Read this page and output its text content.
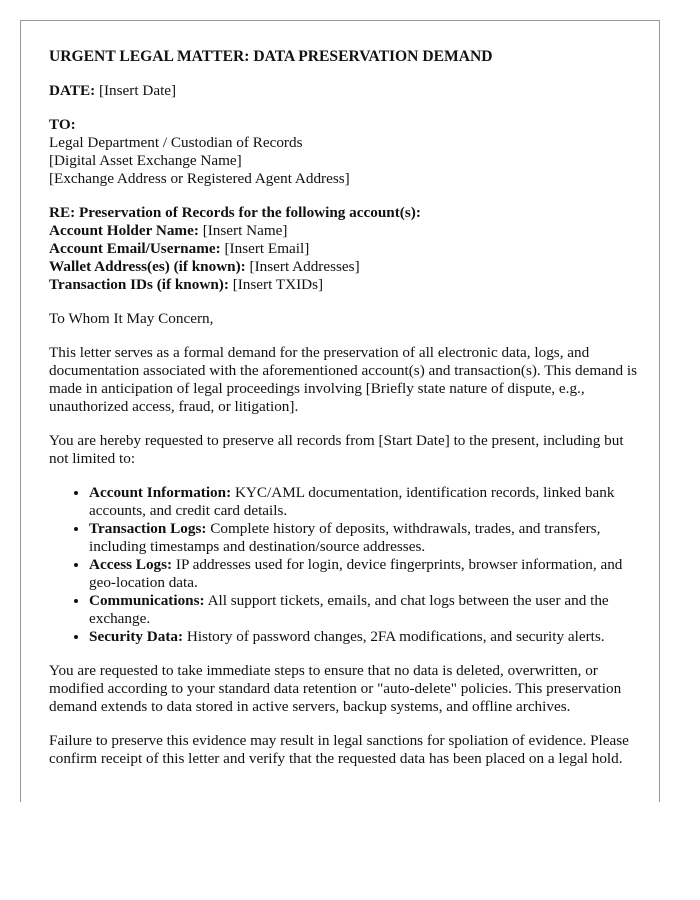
URGENT LEGAL MATTER: DATA PRESERVATION DEMAND

DATE: [Insert Date]

TO:

Legal Department / Custodian of Records

[Digital Asset Exchange Name]

[Exchange Address or Registered Agent Address]

RE: Preservation of Records for the following account(s):

Account Holder Name: [Insert Name]

Account Email/Username: [Insert Email]

Wallet Address(es) (if known): [Insert Addresses]

Transaction IDs (if known): [Insert TXIDs]

To Whom It May Concern,

This letter serves as a formal demand for the preservation of all electronic data, logs, and documentation associated with the aforementioned account(s) and transaction(s). This demand is made in anticipation of legal proceedings involving [Briefly state nature of dispute, e.g., unauthorized access, fraud, or litigation].

You are hereby requested to preserve all records from [Start Date] to the present, including but not limited to:

• Account Information: KYC/AML documentation, identification records, linked bank accounts, and credit card details.
• Transaction Logs: Complete history of deposits, withdrawals, trades, and transfers, including timestamps and destination/source addresses.
• Access Logs: IP addresses used for login, device fingerprints, browser information, and geo-location data.
• Communications: All support tickets, emails, and chat logs between the user and the exchange.
• Security Data: History of password changes, 2FA modifications, and security alerts.

You are requested to take immediate steps to ensure that no data is deleted, overwritten, or modified according to your standard data retention or "auto-delete" policies. This preservation demand extends to data stored in active servers, backup systems, and offline archives.

Failure to preserve this evidence may result in legal sanctions for spoliation of evidence. Please confirm receipt of this letter and verify that the requested data has been placed on a legal hold.
